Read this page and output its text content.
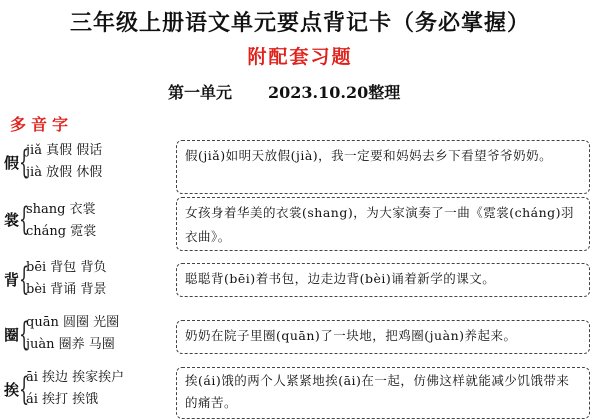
三年级上册语文单元要点背记卡（务必掌握）
附配套习题
第一单元 2023.10.20整理
多音字
假 {
jiǎ 真假 假话
jià 放假 休假
假(jiǎ)如明天放假(jià)，我一定要和妈妈去乡下看望爷爷奶奶。
裳 {
shang 衣裳
cháng 霓裳
女孩身着华美的衣裳(shang)，为大家演奏了一曲《霓裳(cháng)羽衣曲》。
背 {
bēi 背包 背负
bèi 背诵 背景
聪聪背(bēi)着书包，边走边背(bèi)诵着新学的课文。
圈 {
quān 圆圈 光圈
juàn 圈养 马圈
奶奶在院子里圈(quān)了一块地，把鸡圈(juàn)养起来。
挨 {
āi 挨边 挨家挨户
ái 挨打 挨饿
挨(ái)饿的两个人紧紧地挨(āi)在一起，仿佛这样就能减少饥饿带来的痛苦。
